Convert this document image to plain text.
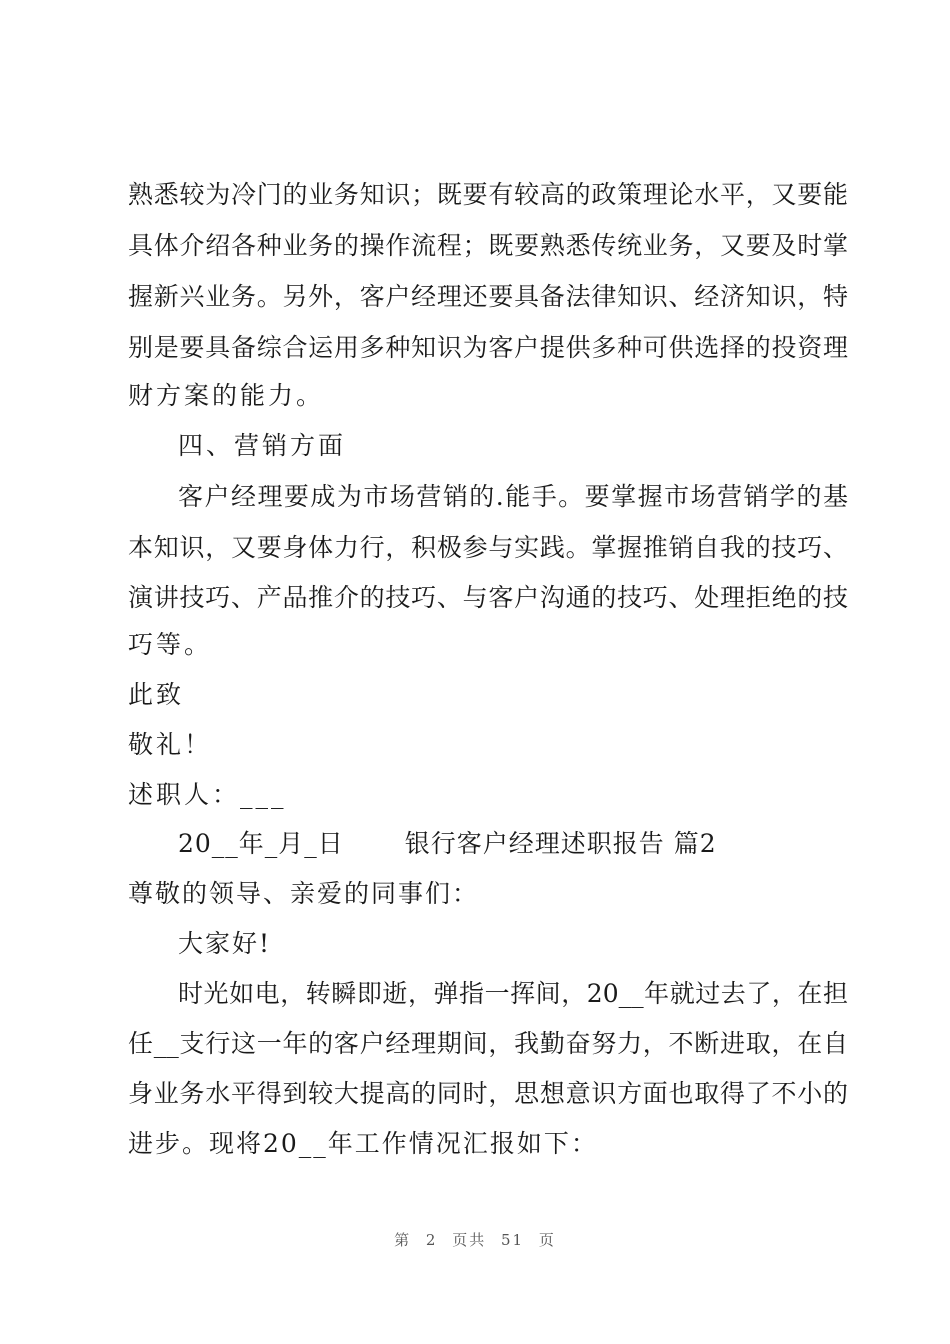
熟悉较为冷门的业务知识；既要有较高的政策理论水平，又要能
具体介绍各种业务的操作流程；既要熟悉传统业务，又要及时掌
握新兴业务。另外，客户经理还要具备法律知识、经济知识，特
别是要具备综合运用多种知识为客户提供多种可供选择的投资理
财方案的能力。
四、营销方面
客户经理要成为市场营销的.能手。要掌握市场营销学的基
本知识，又要身体力行，积极参与实践。掌握推销自我的技巧、
演讲技巧、产品推介的技巧、与客户沟通的技巧、处理拒绝的技
巧等。
此致
敬礼！
述职人：___
20__年_月_日　　 银行客户经理述职报告 篇2
尊敬的领导、亲爱的同事们：
大家好!
时光如电，转瞬即逝，弹指一挥间，20__年就过去了，在担
任__支行这一年的客户经理期间，我勤奋努力，不断进取，在自
身业务水平得到较大提高的同时，思想意识方面也取得了不小的
进步。现将20__年工作情况汇报如下：
第 2 页共 51 页
